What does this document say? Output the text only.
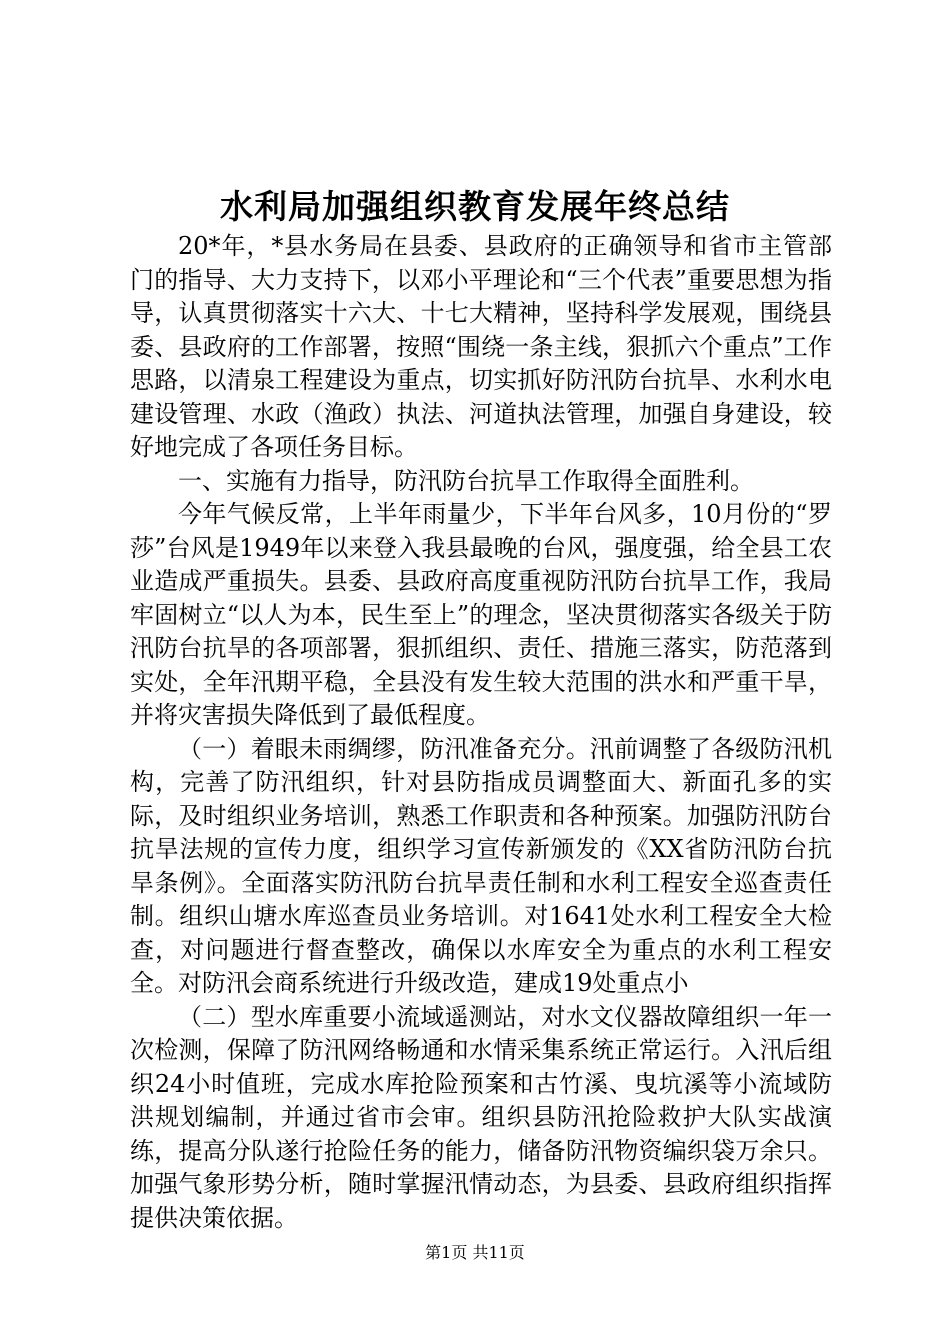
水利局加强组织教育发展年终总结

20*年，*县水务局在县委、县政府的正确领导和省市主管部门的指导、大力支持下，以邓小平理论和“三个代表”重要思想为指导，认真贯彻落实十六大、十七大精神，坚持科学发展观，围绕县委、县政府的工作部署，按照“围绕一条主线，狠抓六个重点”工作思路，以清泉工程建设为重点，切实抓好防汛防台抗旱、水利水电建设管理、水政（渔政）执法、河道执法管理，加强自身建设，较好地完成了各项任务目标。

一、实施有力指导，防汛防台抗旱工作取得全面胜利。

今年气候反常，上半年雨量少，下半年台风多，10月份的“罗莎”台风是1949年以来登入我县最晚的台风，强度强，给全县工农业造成严重损失。县委、县政府高度重视防汛防台抗旱工作，我局牢固树立“以人为本，民生至上”的理念，坚决贯彻落实各级关于防汛防台抗旱的各项部署，狠抓组织、责任、措施三落实，防范落到实处，全年汛期平稳，全县没有发生较大范围的洪水和严重干旱，并将灾害损失降低到了最低程度。

（一）着眼未雨绸缪，防汛准备充分。汛前调整了各级防汛机构，完善了防汛组织，针对县防指成员调整面大、新面孔多的实际，及时组织业务培训，熟悉工作职责和各种预案。加强防汛防台抗旱法规的宣传力度，组织学习宣传新颁发的《XX省防汛防台抗旱条例》。全面落实防汛防台抗旱责任制和水利工程安全巡查责任制。组织山塘水库巡查员业务培训。对1641处水利工程安全大检查，对问题进行督查整改，确保以水库安全为重点的水利工程安全。对防汛会商系统进行升级改造，建成19处重点小

（二）型水库重要小流域遥测站，对水文仪器故障组织一年一次检测，保障了防汛网络畅通和水情采集系统正常运行。入汛后组织24小时值班，完成水库抢险预案和古竹溪、曳坑溪等小流域防洪规划编制，并通过省市会审。组织县防汛抢险救护大队实战演练，提高分队遂行抢险任务的能力，储备防汛物资编织袋万余只。加强气象形势分析，随时掌握汛情动态，为县委、县政府组织指挥提供决策依据。

第1页 共11页
